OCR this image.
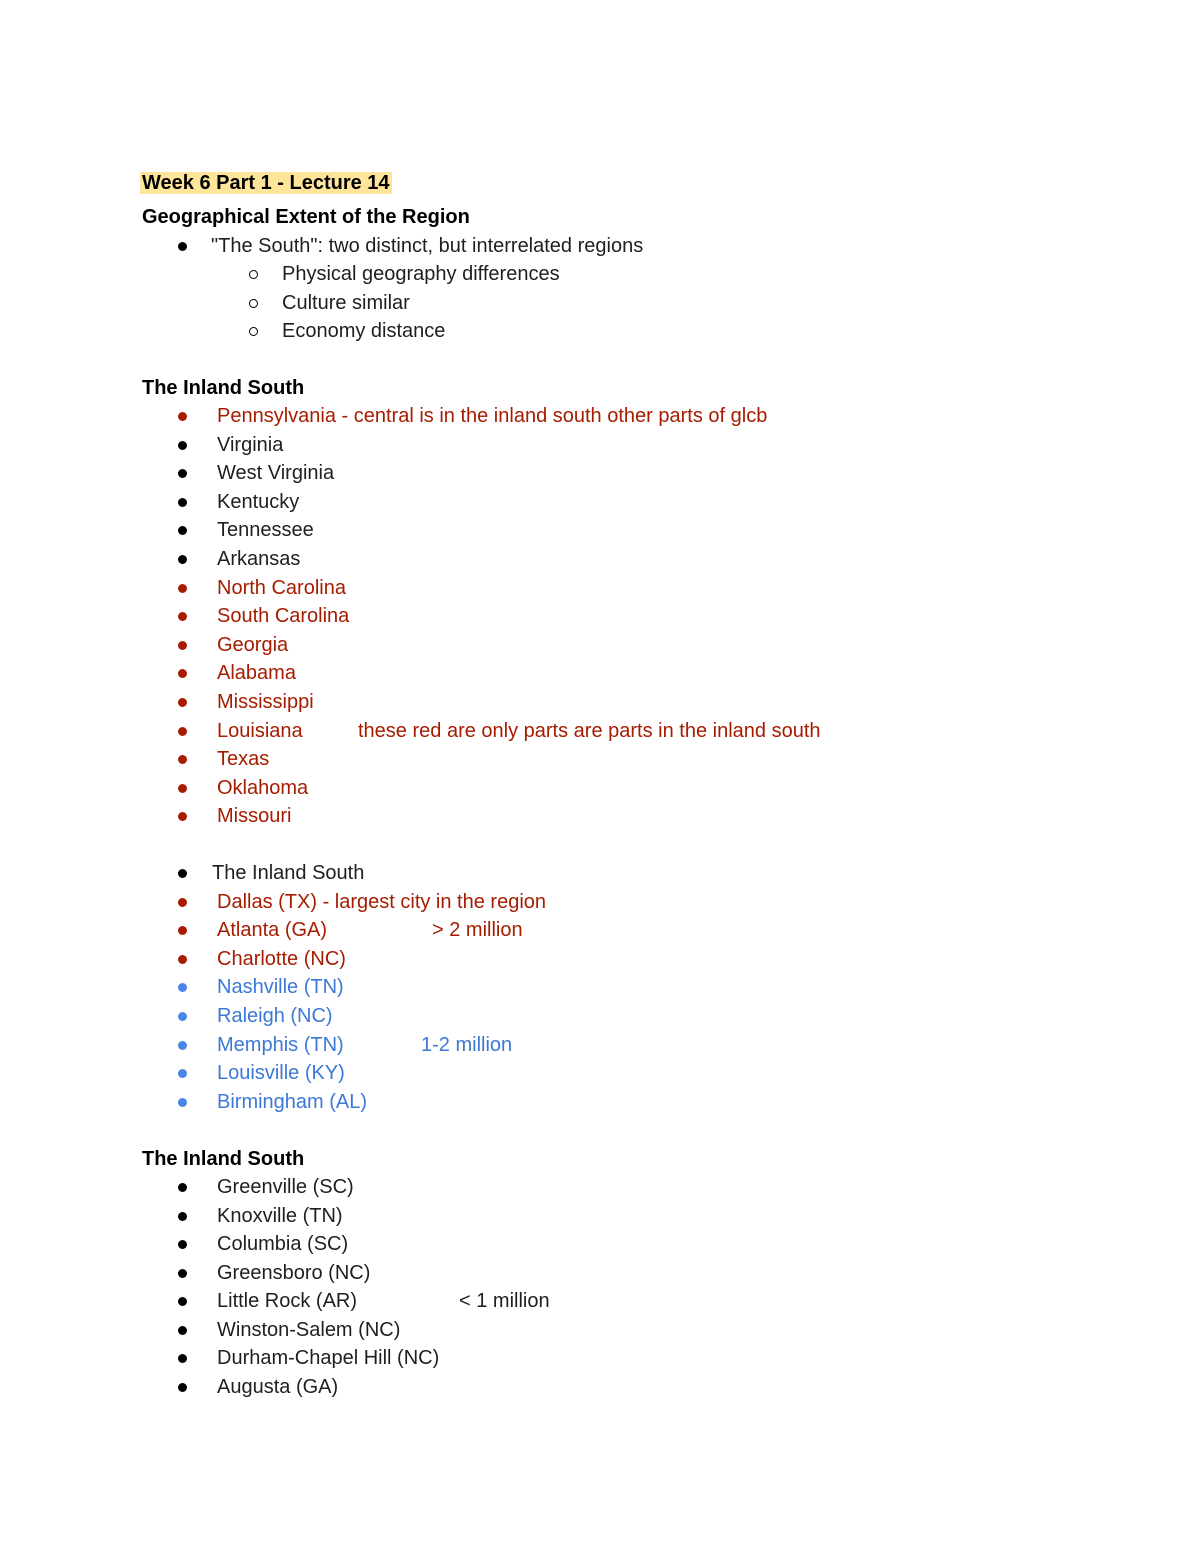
Week 6 Part 1 - Lecture 14
Geographical Extent of the Region
"The South": two distinct, but interrelated regions
Physical geography differences
Culture similar
Economy distance
The Inland South
Pennsylvania - central is in the inland south other parts of glcb
Virginia
West Virginia
Kentucky
Tennessee
Arkansas
North Carolina
South Carolina
Georgia
Alabama
Mississippi
Louisiana	these red are only parts are parts in the inland south
Texas
Oklahoma
Missouri
The Inland South
Dallas (TX) - largest city in the region
Atlanta (GA)	> 2 million
Charlotte (NC)
Nashville (TN)
Raleigh (NC)
Memphis (TN)	1-2 million
Louisville (KY)
Birmingham (AL)
The Inland South
Greenville (SC)
Knoxville (TN)
Columbia (SC)
Greensboro (NC)
Little Rock (AR)	< 1 million
Winston-Salem (NC)
Durham-Chapel Hill (NC)
Augusta (GA)
